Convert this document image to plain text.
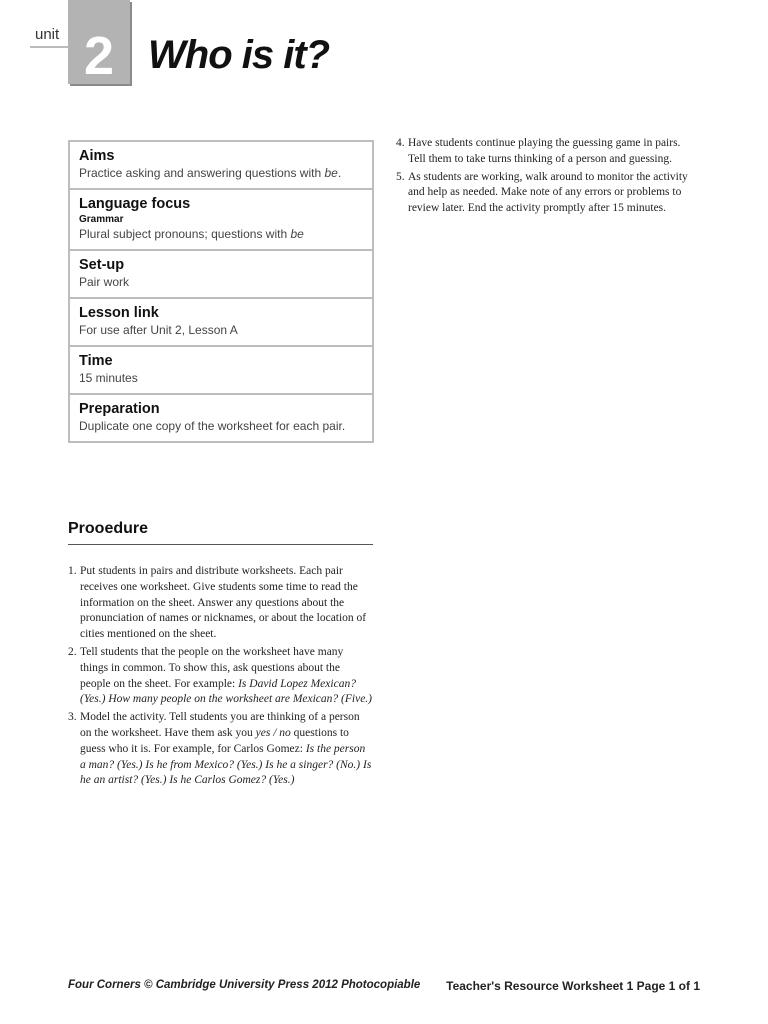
unit 2 Who is it?
Aims

Practice asking and answering questions with be.

Language focus
Grammar

Plural subject pronouns; questions with be

Set-up

Pair work

Lesson link

For use after Unit 2, Lesson A

Time

15 minutes

Preparation

Duplicate one copy of the worksheet for each pair.

Prooedure
1. Put students in pairs and distribute worksheets. Each pair receives one worksheet. Give students some time to read the information on the sheet. Answer any questions about the pronunciation of names or nicknames, or about the location of cities mentioned on the sheet.
2. Tell students that the people on the worksheet have many things in common. To show this, ask questions about the people on the sheet. For example: Is David Lopez Mexican? (Yes.) How many people on the worksheet are Mexican? (Five.)
3. Model the activity. Tell students you are thinking of a person on the worksheet. Have them ask you yes / no questions to guess who it is. For example, for Carlos Gomez: Is the person a man? (Yes.) Is he from Mexico? (Yes.) Is he a singer? (No.) Is he an artist? (Yes.) Is he Carlos Gomez? (Yes.)
4. Have students continue playing the guessing game in pairs. Tell them to take turns thinking of a person and guessing.
5. As students are working, walk around to monitor the activity and help as needed. Make note of any errors or problems to review later. End the activity promptly after 15 minutes.
Four Corners © Cambridge University Press 2012 Photocopiable Teacher's Resource Worksheet 1 Page 1 of 1
